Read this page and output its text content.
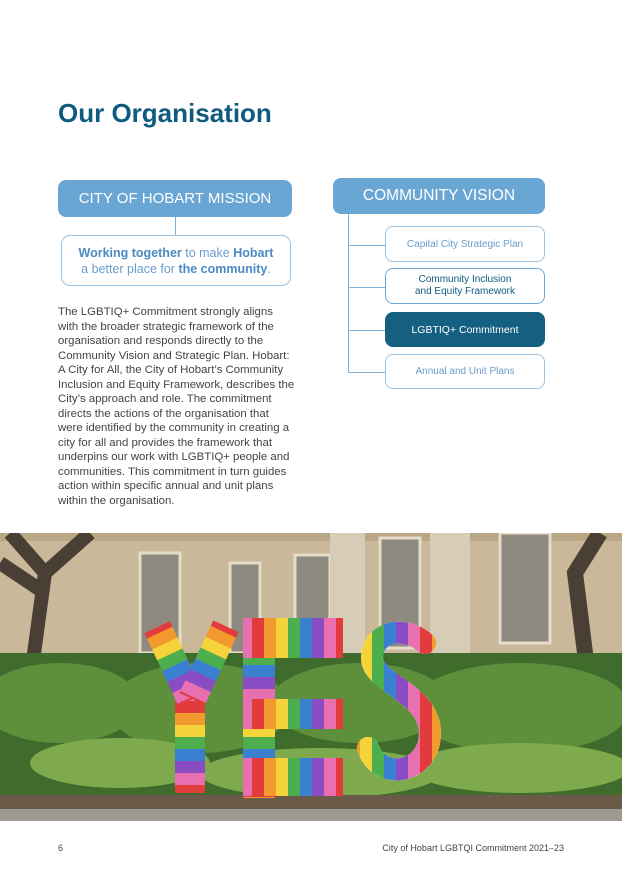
Our Organisation
CITY OF HOBART MISSION
Working together to make Hobart
a better place for the community.

The LGBTIQ+ Commitment strongly aligns with the broader strategic framework of the organisation and responds directly to the Community Vision and Strategic Plan. Hobart: A City for All, the City of Hobart’s Community Inclusion and Equity Framework, describes the City’s approach and role. The commitment directs the actions of the organisation that were identified by the community in creating a city for all and provides the framework that underpins our work with LGBTIQ+ people and communities. This commitment in turn guides action within specific annual and unit plans within the organisation.

COMMUNITY VISION
Capital City Strategic Plan
Community Inclusion
and Equity Framework
LGBTIQ+ Commitment
Annual and Unit Plans
6	City of Hobart LGBTQI Commitment 2021–23
